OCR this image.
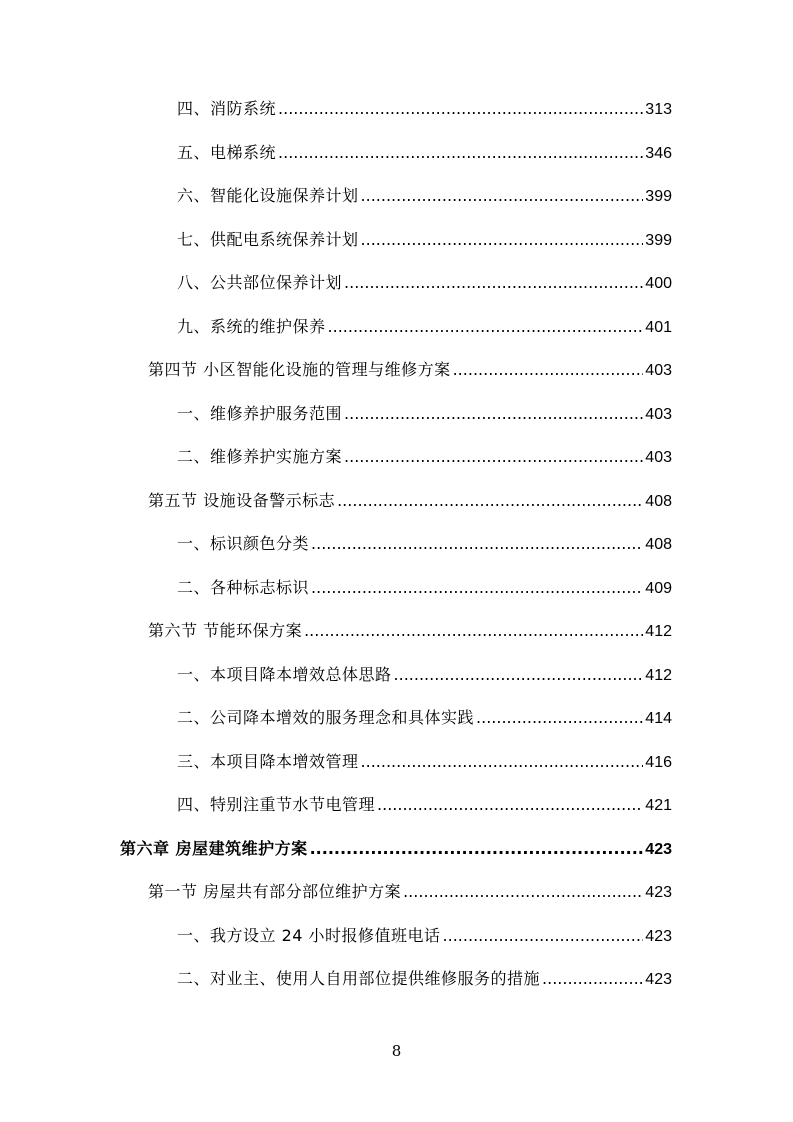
四、消防系统 .....	313
五、电梯系统 .....	346
六、智能化设施保养计划 .....	399
七、供配电系统保养计划 .....	399
八、公共部位保养计划 .....	400
九、系统的维护保养 .....	401
第四节 小区智能化设施的管理与维修方案 .....	403
一、维修养护服务范围 .....	403
二、维修养护实施方案 .....	403
第五节 设施设备警示标志 .....	408
一、标识颜色分类 .....	408
二、各种标志标识 .....	409
第六节 节能环保方案 .....	412
一、本项目降本增效总体思路 .....	412
二、公司降本增效的服务理念和具体实践 .....	414
三、本项目降本增效管理 .....	416
四、特别注重节水节电管理 .....	421
第六章 房屋建筑维护方案 .....	423
第一节 房屋共有部分部位维护方案 .....	423
一、我方设立 24 小时报修值班电话 .....	423
二、对业主、使用人自用部位提供维修服务的措施 .....	423
8
